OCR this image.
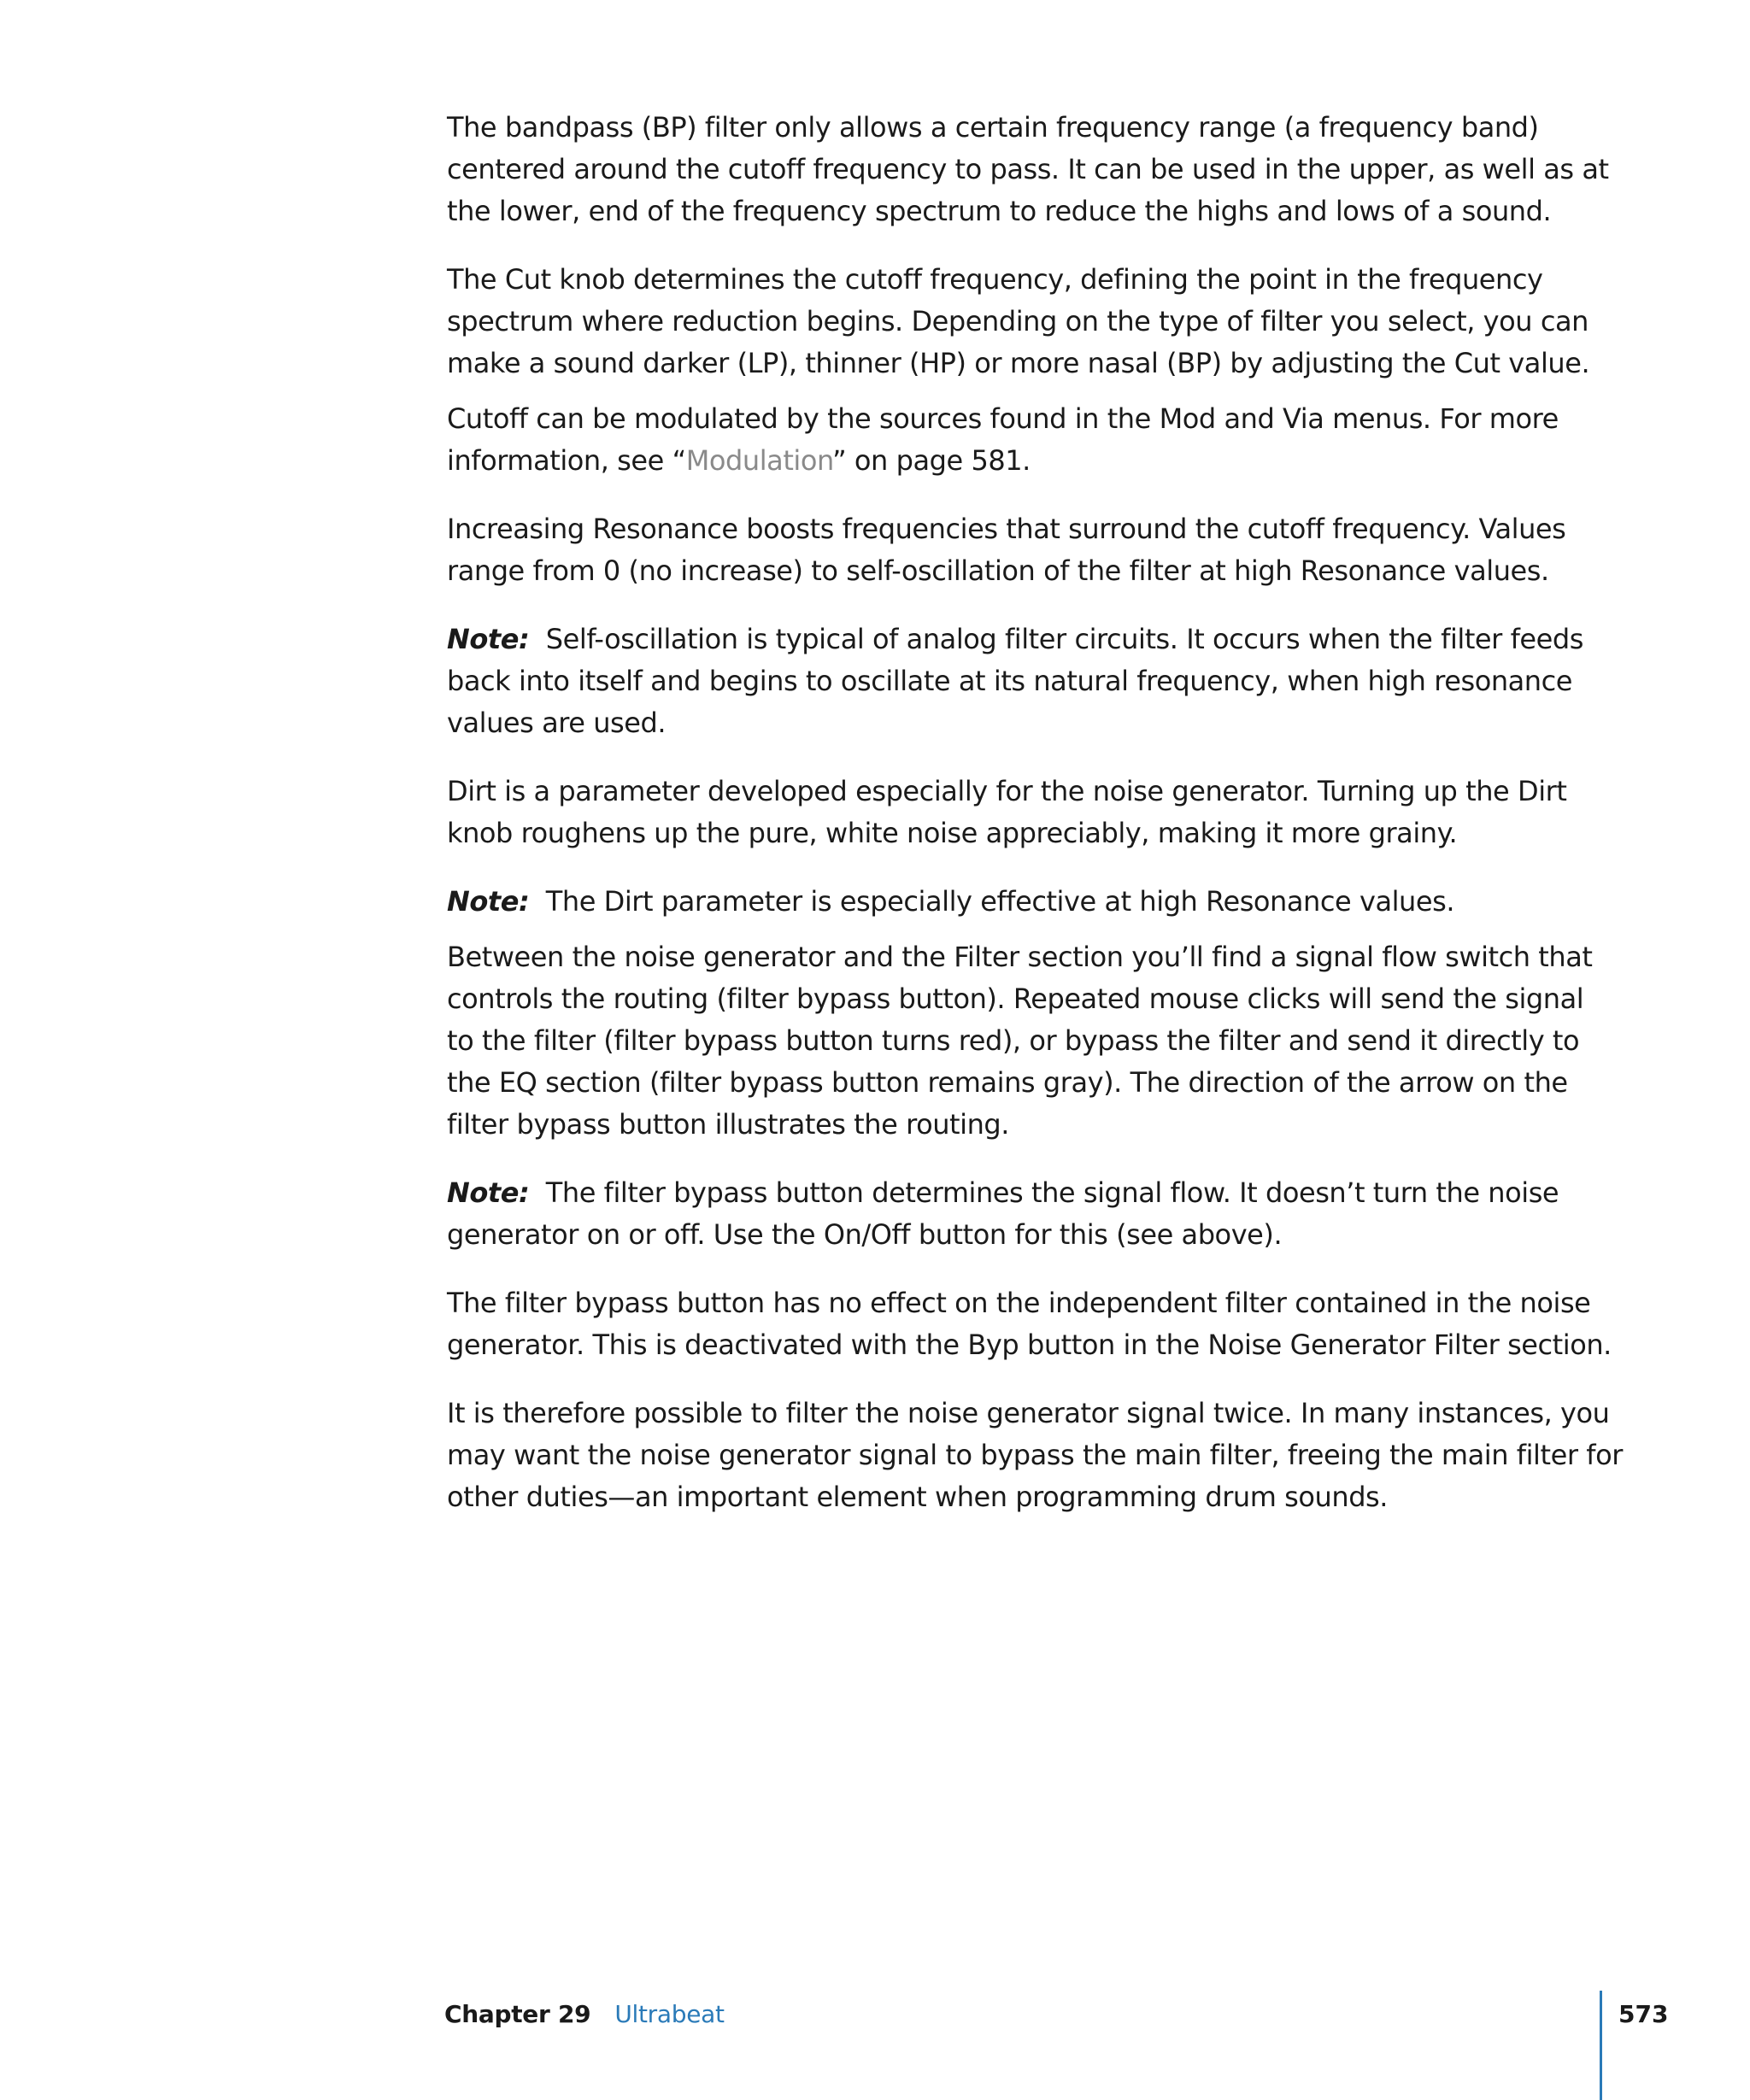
The bandpass (BP) filter only allows a certain frequency range (a frequency band)
centered around the cutoff frequency to pass. It can be used in the upper, as well as at
the lower, end of the frequency spectrum to reduce the highs and lows of a sound.

The Cut knob determines the cutoff frequency, defining the point in the frequency
spectrum where reduction begins. Depending on the type of filter you select, you can
make a sound darker (LP), thinner (HP) or more nasal (BP) by adjusting the Cut value.

Cutoff can be modulated by the sources found in the Mod and Via menus. For more
information, see “Modulation” on page 581.

Increasing Resonance boosts frequencies that surround the cutoff frequency. Values
range from 0 (no increase) to self-oscillation of the filter at high Resonance values.

Note: Self-oscillation is typical of analog filter circuits. It occurs when the filter feeds
back into itself and begins to oscillate at its natural frequency, when high resonance
values are used.

Dirt is a parameter developed especially for the noise generator. Turning up the Dirt
knob roughens up the pure, white noise appreciably, making it more grainy.

Note: The Dirt parameter is especially effective at high Resonance values.

Between the noise generator and the Filter section you’ll find a signal flow switch that
controls the routing (filter bypass button). Repeated mouse clicks will send the signal
to the filter (filter bypass button turns red), or bypass the filter and send it directly to
the EQ section (filter bypass button remains gray). The direction of the arrow on the
filter bypass button illustrates the routing.

Note: The filter bypass button determines the signal flow. It doesn’t turn the noise
generator on or off. Use the On/Off button for this (see above).

The filter bypass button has no effect on the independent filter contained in the noise
generator. This is deactivated with the Byp button in the Noise Generator Filter section.

It is therefore possible to filter the noise generator signal twice. In many instances, you
may want the noise generator signal to bypass the main filter, freeing the main filter for
other duties—an important element when programming drum sounds.

Chapter 29 Ultrabeat	573
